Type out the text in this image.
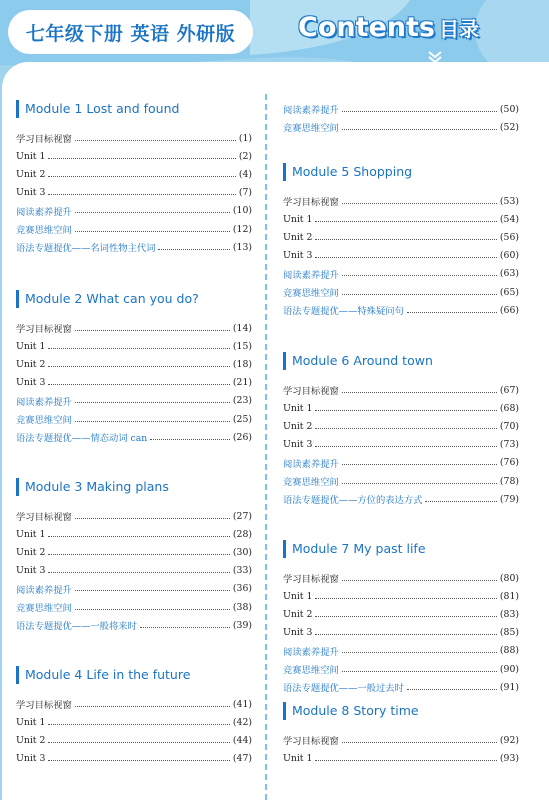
七年级下册 英语 外研版 Contents 目录
Module 1 Lost and found
学习目标视窗	(1)
Unit 1	(2)
Unit 2	(4)
Unit 3	(7)
阅读素养提升	(10)
竞赛思维空间	(12)
语法专题提优——名词性物主代词	(13)
Module 2 What can you do?
学习目标视窗	(14)
Unit 1	(15)
Unit 2	(18)
Unit 3	(21)
阅读素养提升	(23)
竞赛思维空间	(25)
语法专题提优——情态动词 can	(26)
Module 3 Making plans
学习目标视窗	(27)
Unit 1	(28)
Unit 2	(30)
Unit 3	(33)
阅读素养提升	(36)
竞赛思维空间	(38)
语法专题提优——一般将来时	(39)
Module 4 Life in the future
学习目标视窗	(41)
Unit 1	(42)
Unit 2	(44)
Unit 3	(47)
阅读素养提升	(50)
竞赛思维空间	(52)
Module 5 Shopping
学习目标视窗	(53)
Unit 1	(54)
Unit 2	(56)
Unit 3	(60)
阅读素养提升	(63)
竞赛思维空间	(65)
语法专题提优——特殊疑问句	(66)
Module 6 Around town
学习目标视窗	(67)
Unit 1	(68)
Unit 2	(70)
Unit 3	(73)
阅读素养提升	(76)
竞赛思维空间	(78)
语法专题提优——方位的表达方式	(79)
Module 7 My past life
学习目标视窗	(80)
Unit 1	(81)
Unit 2	(83)
Unit 3	(85)
阅读素养提升	(88)
竞赛思维空间	(90)
语法专题提优——一般过去时	(91)
Module 8 Story time
学习目标视窗	(92)
Unit 1	(93)
